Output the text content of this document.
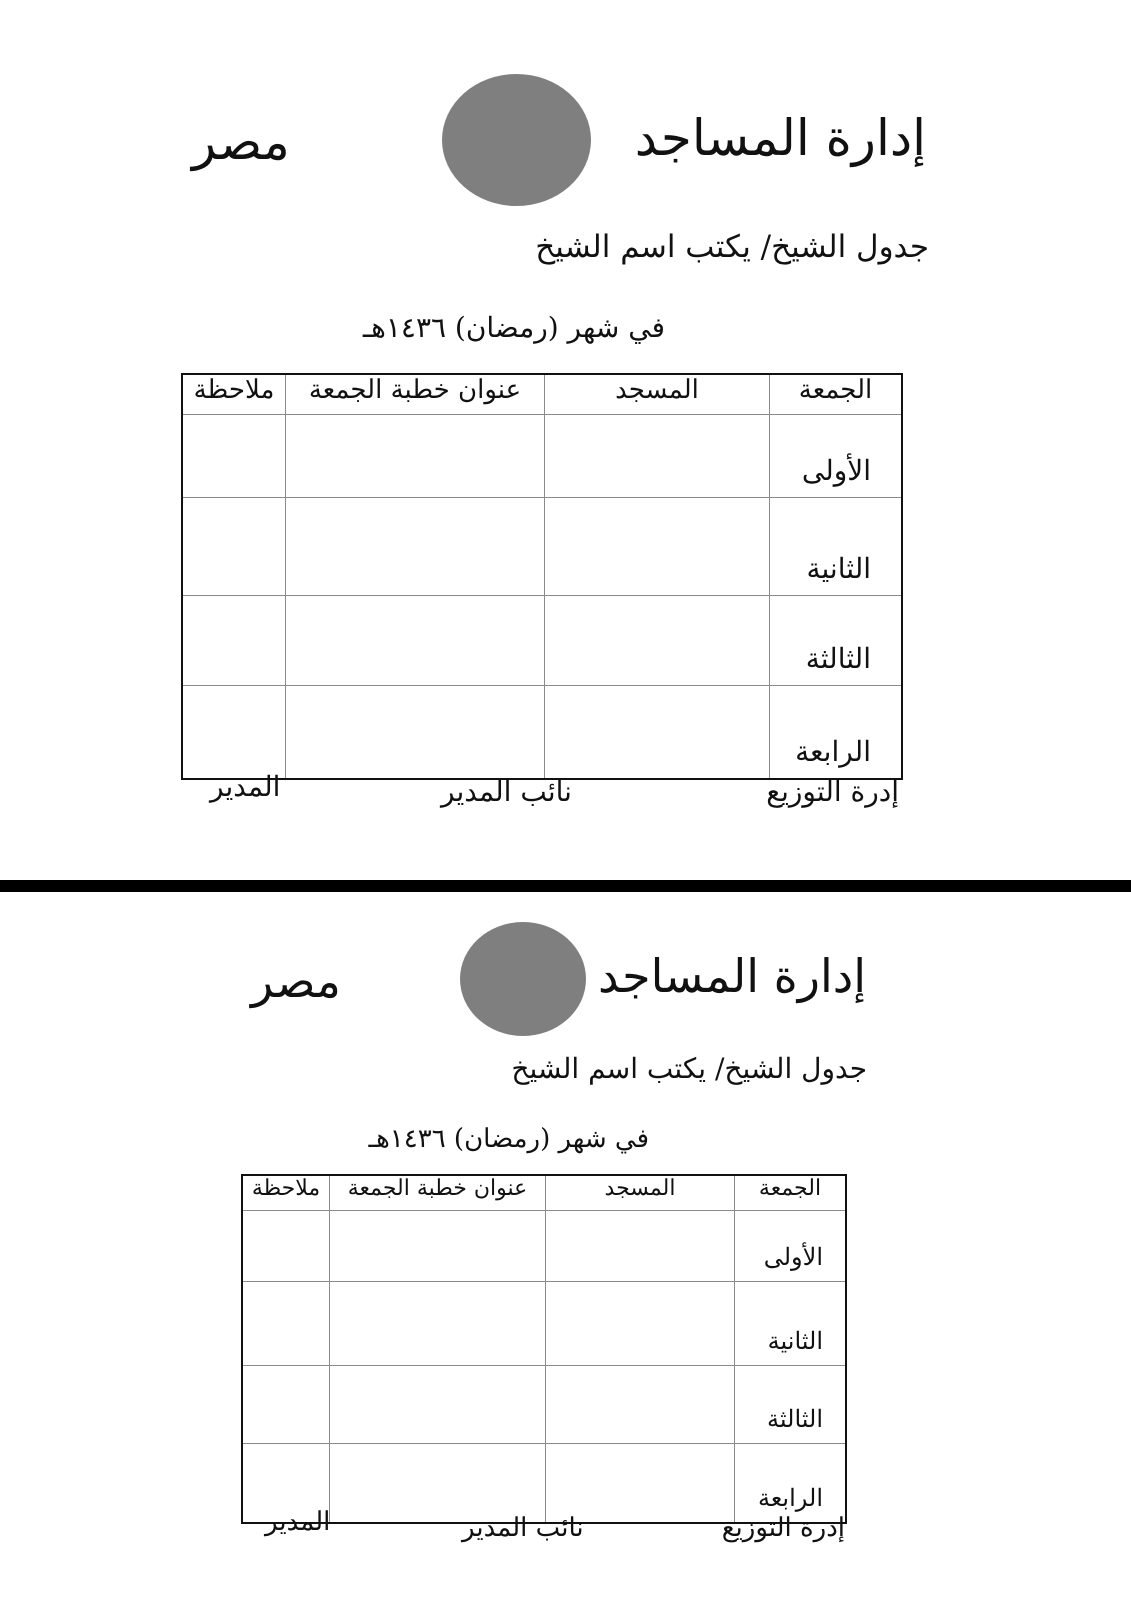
إدارة المساجد
مصر
جدول الشيخ/ يكتب اسم الشيخ
في شهر (رمضان) ١٤٣٦هـ
الجمعة	المسجد	عنوان خطبة الجمعة	ملاحظة
الأولى			
الثانية			
الثالثة			
الرابعة			
إدرة التوزيع
نائب المدير
المدير
إدارة المساجد
مصر
جدول الشيخ/ يكتب اسم الشيخ
في شهر (رمضان) ١٤٣٦هـ
الجمعة	المسجد	عنوان خطبة الجمعة	ملاحظة
الأولى			
الثانية			
الثالثة			
الرابعة			
إدرة التوزيع
نائب المدير
المدير
